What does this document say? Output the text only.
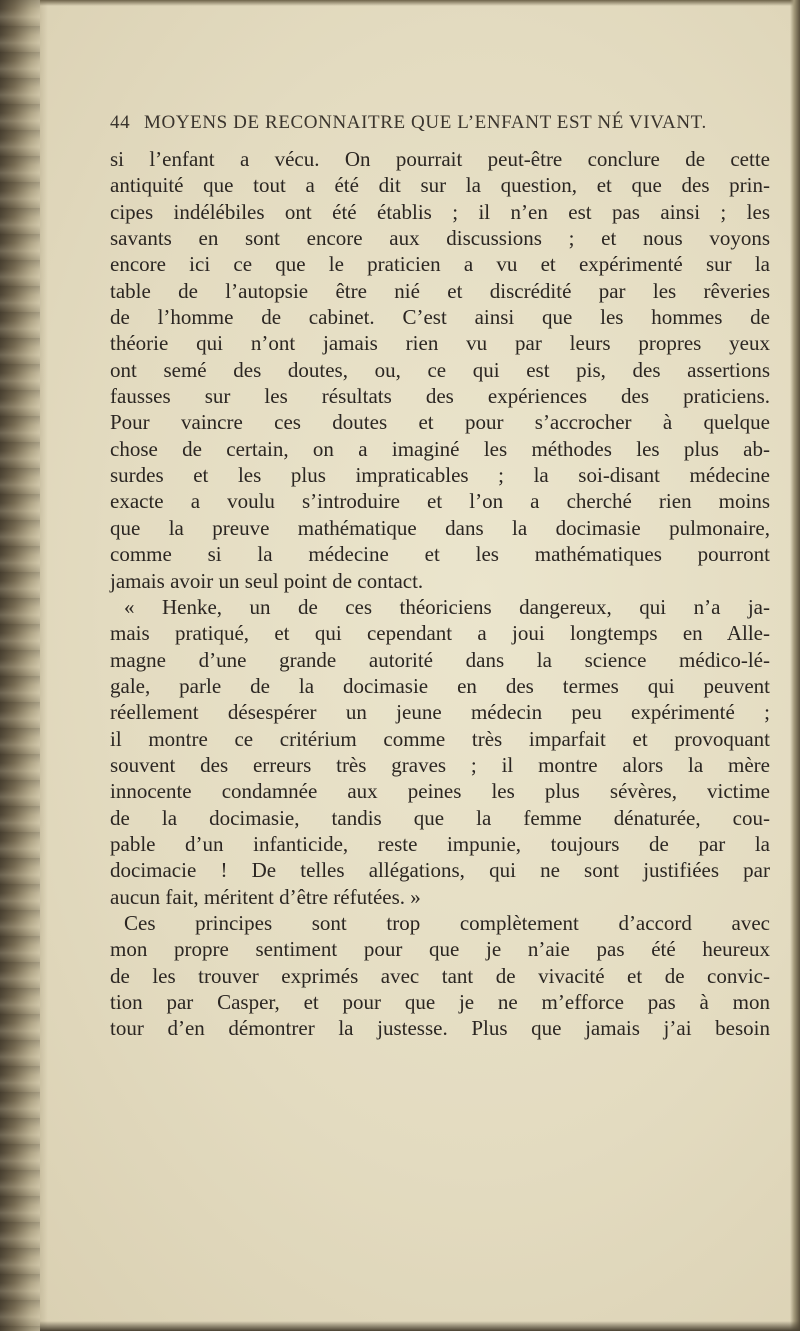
44 MOYENS DE RECONNAITRE QUE L’ENFANT EST NÉ VIVANT.
si l’enfant a vécu. On pourrait peut-être conclure de cette
antiquité que tout a été dit sur la question, et que des prin-
cipes indélébiles ont été établis ; il n’en est pas ainsi ; les
savants en sont encore aux discussions ; et nous voyons
encore ici ce que le praticien a vu et expérimenté sur la
table de l’autopsie être nié et discrédité par les rêveries
de l’homme de cabinet. C’est ainsi que les hommes de
théorie qui n’ont jamais rien vu par leurs propres yeux
ont semé des doutes, ou, ce qui est pis, des assertions
fausses sur les résultats des expériences des praticiens.
Pour vaincre ces doutes et pour s’accrocher à quelque
chose de certain, on a imaginé les méthodes les plus ab-
surdes et les plus impraticables ; la soi-disant médecine
exacte a voulu s’introduire et l’on a cherché rien moins
que la preuve mathématique dans la docimasie pulmonaire,
comme si la médecine et les mathématiques pourront
jamais avoir un seul point de contact.
« Henke, un de ces théoriciens dangereux, qui n’a ja-
mais pratiqué, et qui cependant a joui longtemps en Alle-
magne d’une grande autorité dans la science médico-lé-
gale, parle de la docimasie en des termes qui peuvent
réellement désespérer un jeune médecin peu expérimenté ;
il montre ce critérium comme très imparfait et provoquant
souvent des erreurs très graves ; il montre alors la mère
innocente condamnée aux peines les plus sévères, victime
de la docimasie, tandis que la femme dénaturée, cou-
pable d’un infanticide, reste impunie, toujours de par la
docimacie ! De telles allégations, qui ne sont justifiées par
aucun fait, méritent d’être réfutées. »
Ces principes sont trop complètement d’accord avec
mon propre sentiment pour que je n’aie pas été heureux
de les trouver exprimés avec tant de vivacité et de convic-
tion par Casper, et pour que je ne m’efforce pas à mon
tour d’en démontrer la justesse. Plus que jamais j’ai besoin
